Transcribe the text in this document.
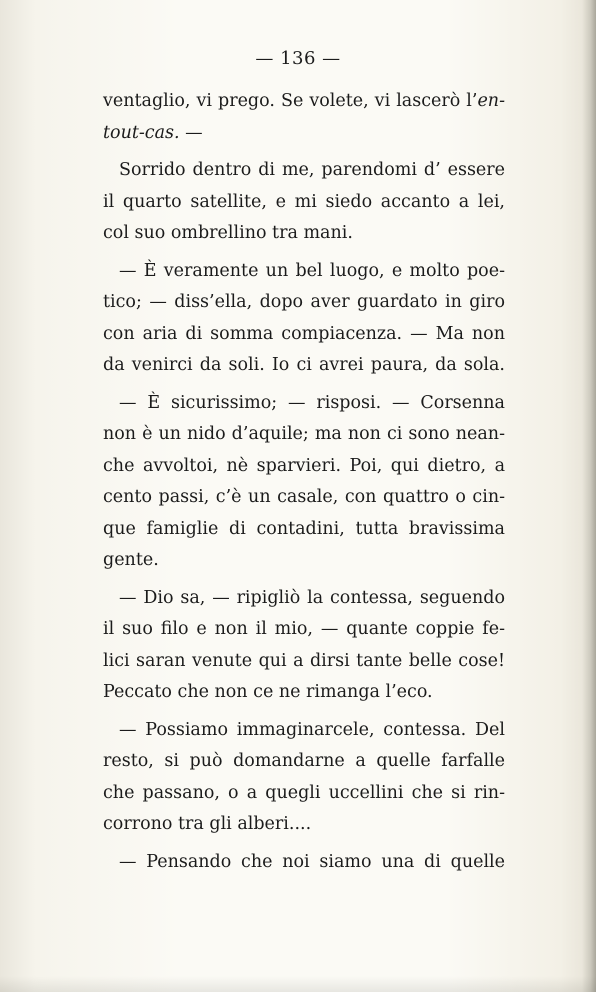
— 136 —
ventaglio, vi prego. Se volete, vi lascerò l’en-
tout-cas. —
Sorrido dentro di me, parendomi d’ essere
il quarto satellite, e mi siedo accanto a lei,
col suo ombrellino tra mani.
— È veramente un bel luogo, e molto poe-
tico; — diss’ella, dopo aver guardato in giro
con aria di somma compiacenza. — Ma non
da venirci da soli. Io ci avrei paura, da sola.
— È sicurissimo; — risposi. — Corsenna
non è un nido d’aquile; ma non ci sono nean-
che avvoltoi, nè sparvieri. Poi, qui dietro, a
cento passi, c’è un casale, con quattro o cin-
que famiglie di contadini, tutta bravissima
gente.
— Dio sa, — ripigliò la contessa, seguendo
il suo filo e non il mio, — quante coppie fe-
lici saran venute qui a dirsi tante belle cose!
Peccato che non ce ne rimanga l’eco.
— Possiamo immaginarcele, contessa. Del
resto, si può domandarne a quelle farfalle
che passano, o a quegli uccellini che si rin-
corrono tra gli alberi....
— Pensando che noi siamo una di quelle
